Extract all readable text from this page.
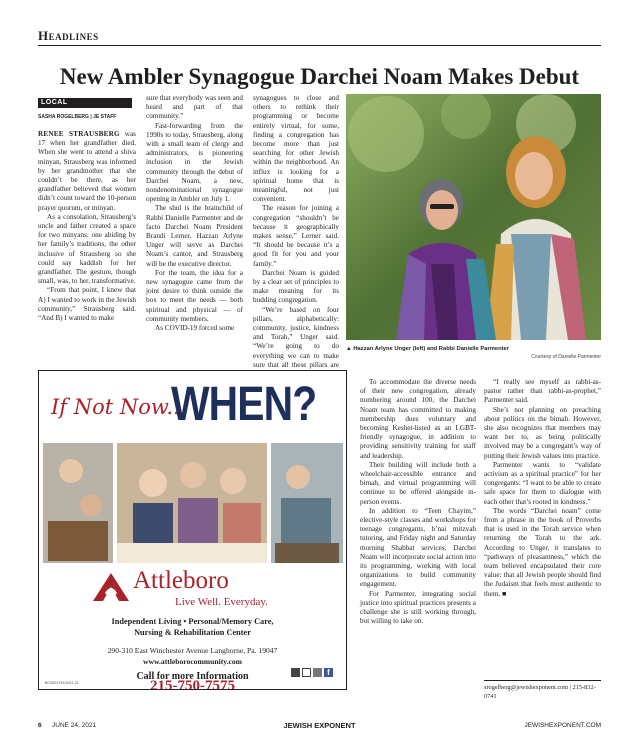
Headlines
New Ambler Synagogue Darchei Noam Makes Debut
LOCAL
SASHA ROGELBERG | JE STAFF

RENEE STRAUSBERG was 17 when her grandfather died. When she went to attend a shiva minyan, Strausberg was informed by her grandmother that she couldn’t be there, as her grandfather believed that women didn’t count toward the 10-person prayer quorum, or minyan.

As a consolation, Strausberg’s uncle and father created a space for two minyans: one abiding by her family’s traditions, the other inclusive of Strausberg so she could say kaddish for her grandfather. The gesture, though small, was, to her, transformative.

“From that point, I knew that A) I wanted to work in the Jewish community,” Strausberg said. “And B) I wanted to make

sure that everybody was seen and heard and part of that community.”

Fast-forwarding from the 1990s to today, Strausberg, along with a small team of clergy and administrators, is pioneering inclusion in the Jewish community through the debut of Darchei Noam, a new, nondenominational synagogue opening in Ambler on July 1.

The shul is the brainchild of Rabbi Danielle Parmenter and de facto Darchei Noam President Brandi Lerner. Hazzan Arlyne Unger will serve as Darchei Noam’s cantor, and Strausberg will be the executive director.

For the team, the idea for a new synagogue came from the joint desire to think outside the box to meet the needs — both spiritual and physical — of community members.

As COVID-19 forced some

synagogues to close and others to rethink their programming or become entirely virtual, for some, finding a congregation has become more than just searching for other Jewish within the neighborhood. An influx is looking for a spiritual home that is meaningful, not just convenient.

The reason for joining a congregation “shouldn’t be because it geographically makes sense,” Lerner said. “It should be because it’s a good fit for you and your family.”

Darchei Noam is guided by a clear set of principles to make meaning for its budding congregation.

“We’re based on four pillars, alphabetically: community, justice, kindness and Torah,” Unger said. “We’re going to do everything we can to make sure that all these pillars are

To accommodate the diverse needs of their new congregation, already numbering around 100, the Darchei Noam team has committed to making membership dues voluntary and becoming Keshet-listed as an LGBT-friendly synagogue, in addition to providing sensitivity training for staff and leadership.

Their building will include both a wheelchair-accessible entrance and bimah, and virtual programming will continue to be offered alongside in-person events.

In addition to “Teen Chayim,” elective-style classes and workshops for teenage congregants, b’nai mitzvah tutoring, and Friday night and Saturday morning Shabbat services, Darchei Noam will incorporate social action into its programming, working with local organizations to build community engagement.

For Parmenter, integrating social justice into spiritual practices presents a challenge she is still working through, but willing to take on.

“I really see myself as rabbi-as-pastor rather than rabbi-as-prophet,” Parmenter said.

She’s not planning on preaching about politics on the bimah. However, she also recognizes that members may want her to, as being politically involved may be a congregant’s way of putting their Jewish values into practice.

Parmenter wants to “validate activism as a spiritual practice” for her congregants: “I want to be able to create safe space for them to dialogue with each other that’s rooted in kindness.”

The words “Darchei noam” come from a phrase in the book of Proverbs that is used in the Torah service when returning the Torah to the ark. According to Unger, it translates to “pathways of pleasantness,” which the team believed encapsulated their core value: that all Jewish people should find the Judaism that feels most authentic to them. ■

srogelberg@jewishexponent.com | 215-832-0741
▲ Hazzan Arlyne Unger (left) and Rabbi Danielle Parmenter
Courtesy of Danielle Parmenter
If Not Now...
WHEN?
Attleboro
Live Well. Everyday.
Independent Living • Personal/Memory Care,
Nursing & Rehabilitation Center
290-310 East Winchester Avenue Langhorne, Pa. 19047
www.attleborocommunity.com
Call for more Information
215-750-7575
BCS001791/1021-21
f
6 JUNE 24, 2021	JEWISH EXPONENT	JEWISHEXPONENT.COM
